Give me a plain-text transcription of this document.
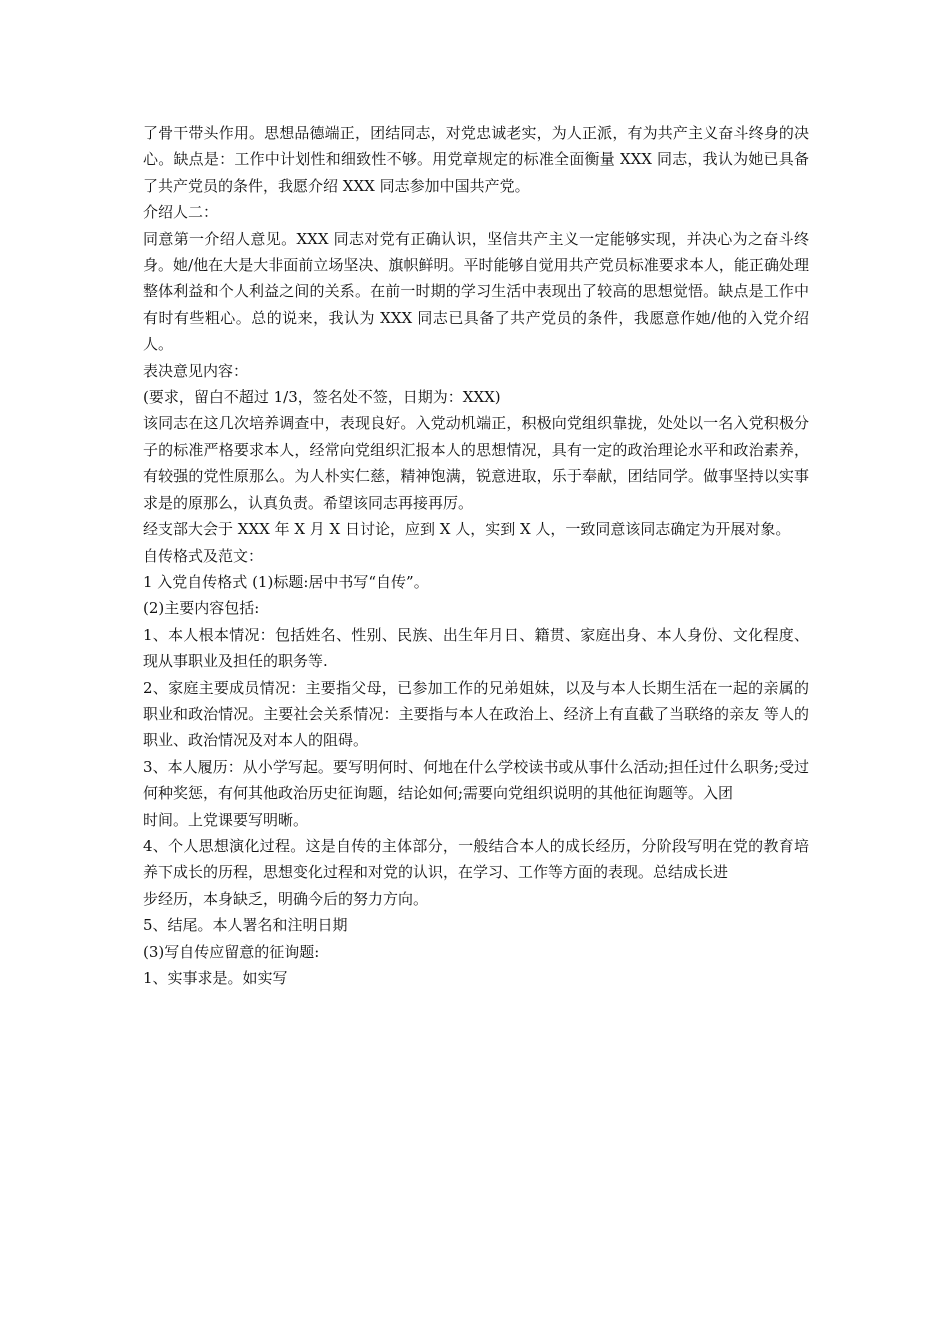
了骨干带头作用。思想品德端正，团结同志，对党忠诚老实，为人正派，有为共产主义奋斗终身的决心。缺点是：工作中计划性和细致性不够。用党章规定的标准全面衡量 XXX 同志，我认为她已具备了共产党员的条件，我愿介绍 XXX 同志参加中国共产党。

介绍人二：

同意第一介绍人意见。XXX 同志对党有正确认识，坚信共产主义一定能够实现，并决心为之奋斗终身。她/他在大是大非面前立场坚决、旗帜鲜明。平时能够自觉用共产党员标准要求本人，能正确处理整体利益和个人利益之间的关系。在前一时期的学习生活中表现出了较高的思想觉悟。缺点是工作中有时有些粗心。总的说来，我认为 XXX 同志已具备了共产党员的条件，我愿意作她/他的入党介绍人。

表决意见内容：

(要求，留白不超过 1/3，签名处不签，日期为：XXX)

该同志在这几次培养调查中，表现良好。入党动机端正，积极向党组织靠拢，处处以一名入党积极分子的标准严格要求本人，经常向党组织汇报本人的思想情况，具有一定的政治理论水平和政治素养，有较强的党性原那么。为人朴实仁慈，精神饱满，锐意进取，乐于奉献，团结同学。做事坚持以实事求是的原那么，认真负责。希望该同志再接再厉。

经支部大会于 XXX 年 X 月 X 日讨论，应到 X 人，实到 X 人，一致同意该同志确定为开展对象。

自传格式及范文：

1 入党自传格式 (1)标题:居中书写“自传”。

(2)主要内容包括:

1、本人根本情况：包括姓名、性别、民族、出生年月日、籍贯、家庭出身、本人身份、文化程度、现从事职业及担任的职务等.

2、家庭主要成员情况：主要指父母，已参加工作的兄弟姐妹，以及与本人长期生活在一起的亲属的职业和政治情况。主要社会关系情况：主要指与本人在政治上、经济上有直截了当联络的亲友 等人的职业、政治情况及对本人的阻碍。

3、本人履历：从小学写起。要写明何时、何地在什么学校读书或从事什么活动;担任过什么职务;受过何种奖惩，有何其他政治历史征询题，结论如何;需要向党组织说明的其他征询题等。入团

时间。上党课要写明晰。

4、个人思想演化过程。这是自传的主体部分，一般结合本人的成长经历，分阶段写明在党的教育培养下成长的历程，思想变化过程和对党的认识，在学习、工作等方面的表现。总结成长进

步经历，本身缺乏，明确今后的努力方向。

5、结尾。本人署名和注明日期

(3)写自传应留意的征询题:

1、实事求是。如实写
